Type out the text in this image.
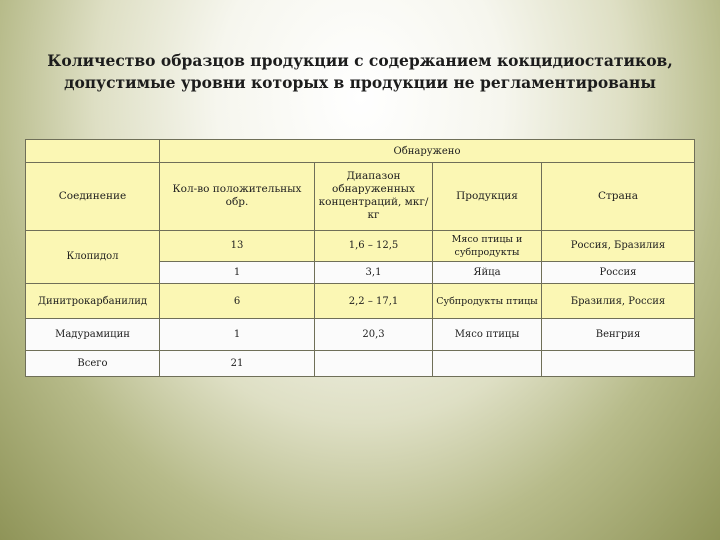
Количество образцов продукции с содержанием кокцидиостатиков,
допустимые уровни которых в продукции не регламентированы
	Обнаружено			
Соединение	Кол-во положительных обр.	Диапазон обнаруженных концентраций, мкг/кг	Продукция	Страна
Клопидол	13	1,6 – 12,5	Мясо птицы и субпродукты	Россия, Бразилия
	1	3,1	Яйца	Россия
Динитрокарбанилид	6	2,2 – 17,1	Субпродукты птицы	Бразилия, Россия
Мадурамицин	1	20,3	Мясо птицы	Венгрия
Всего	21			
